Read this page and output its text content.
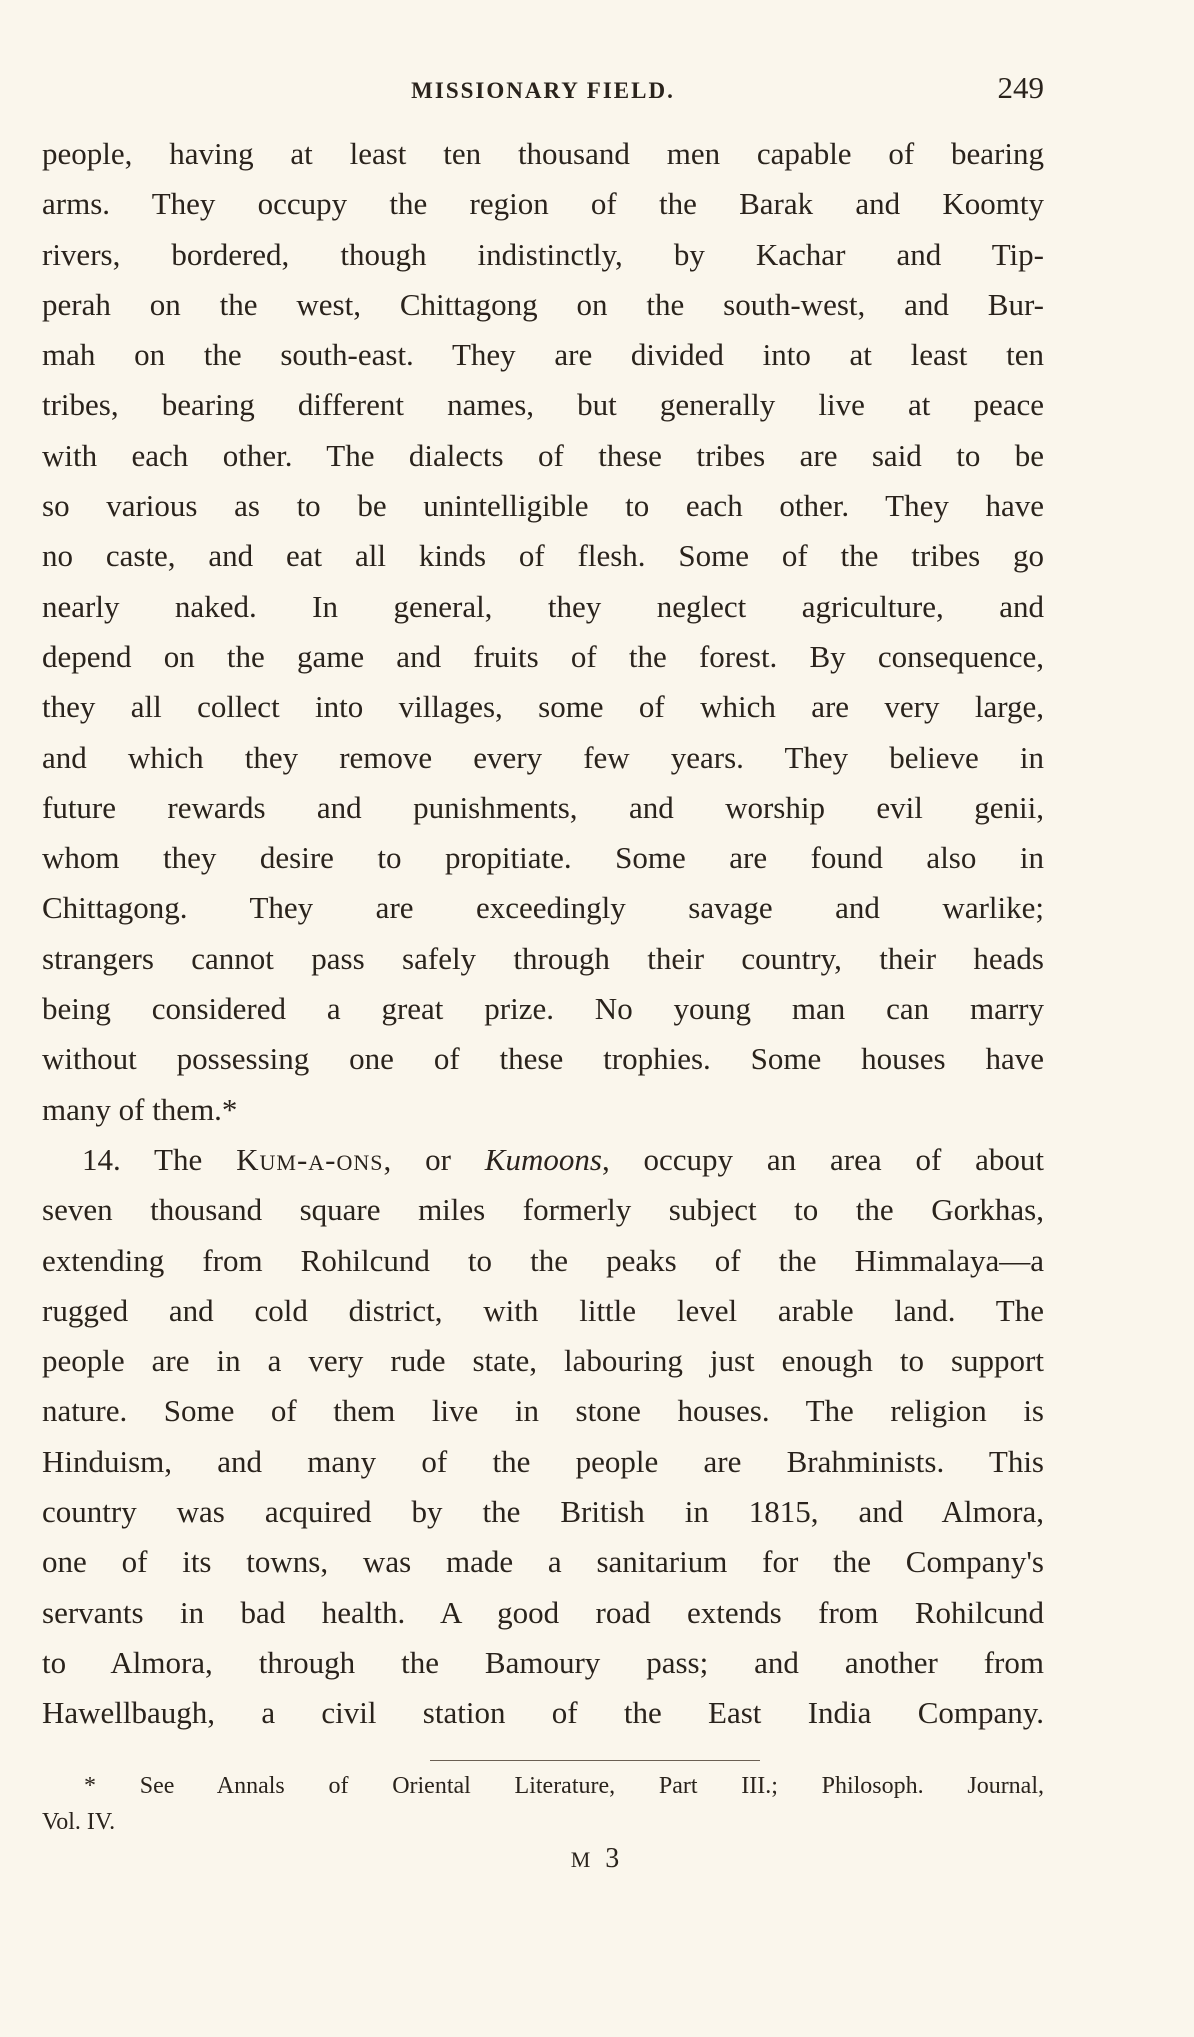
MISSIONARY FIELD.	249
people, having at least ten thousand men capable of bearing
arms. They occupy the region of the Barak and Koomty
rivers, bordered, though indistinctly, by Kachar and Tip-
perah on the west, Chittagong on the south-west, and Bur-
mah on the south-east. They are divided into at least ten
tribes, bearing different names, but generally live at peace
with each other. The dialects of these tribes are said to be
so various as to be unintelligible to each other. They have
no caste, and eat all kinds of flesh. Some of the tribes go
nearly naked. In general, they neglect agriculture, and
depend on the game and fruits of the forest. By consequence,
they all collect into villages, some of which are very large,
and which they remove every few years. They believe in
future rewards and punishments, and worship evil genii,
whom they desire to propitiate. Some are found also in
Chittagong. They are exceedingly savage and warlike;
strangers cannot pass safely through their country, their heads
being considered a great prize. No young man can marry
without possessing one of these trophies. Some houses have
many of them.*
14. The Kum-a-ons, or Kumoons, occupy an area of about
seven thousand square miles formerly subject to the Gorkhas,
extending from Rohilcund to the peaks of the Himmalaya—a
rugged and cold district, with little level arable land. The
people are in a very rude state, labouring just enough to support
nature. Some of them live in stone houses. The religion is
Hinduism, and many of the people are Brahminists. This
country was acquired by the British in 1815, and Almora,
one of its towns, was made a sanitarium for the Company's
servants in bad health. A good road extends from Rohilcund
to Almora, through the Bamoury pass; and another from
Hawellbaugh, a civil station of the East India Company.
* See Annals of Oriental Literature, Part III.; Philosoph. Journal,
Vol. IV.
M 3
